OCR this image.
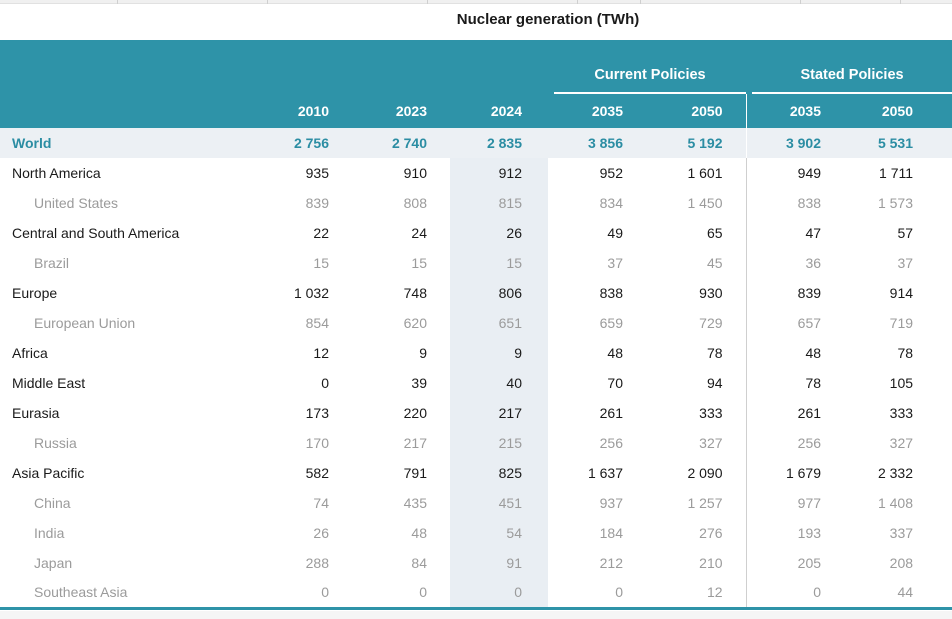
Nuclear generation (TWh)

				Current Policies		Stated Policies	

	2010	2023	2024	2035	2050	2035	2050
World	2 756	2 740	2 835	3 856	5 192	3 902	5 531
North America	935	910	912	952	1 601	949	1 711
United States	839	808	815	834	1 450	838	1 573
Central and South America	22	24	26	49	65	47	57
Brazil	15	15	15	37	45	36	37
Europe	1 032	748	806	838	930	839	914
European Union	854	620	651	659	729	657	719
Africa	12	9	9	48	78	48	78
Middle East	0	39	40	70	94	78	105
Eurasia	173	220	217	261	333	261	333
Russia	170	217	215	256	327	256	327
Asia Pacific	582	791	825	1 637	2 090	1 679	2 332
China	74	435	451	937	1 257	977	1 408
India	26	48	54	184	276	193	337
Japan	288	84	91	212	210	205	208
Southeast Asia	0	0	0	0	12	0	44
